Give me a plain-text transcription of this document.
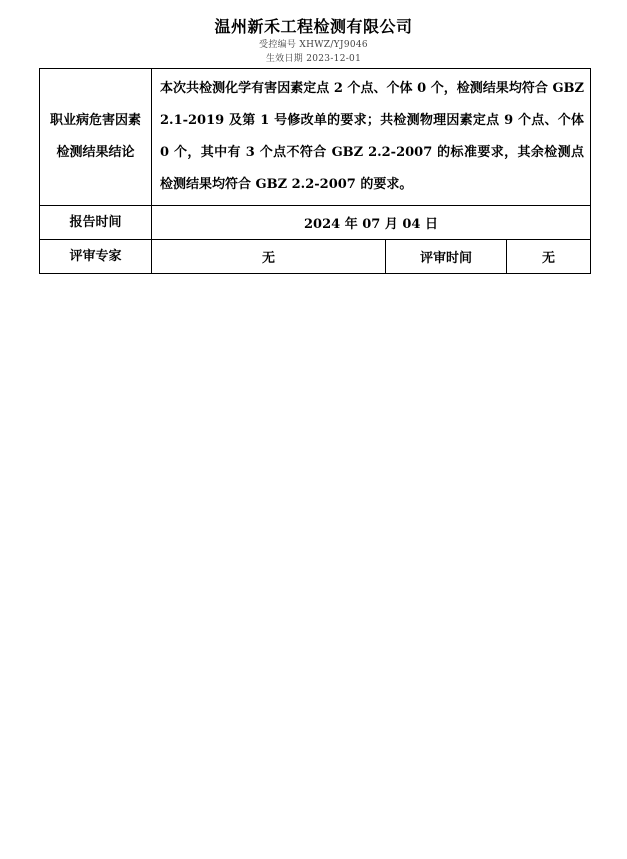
温州新禾工程检测有限公司
受控编号 XHWZ/YJ9046
生效日期 2023-12-01
职业病危害因素检测结果结论	本次共检测化学有害因素定点 2 个点、个体 0 个，检测结果均符合 GBZ 2.1-2019 及第 1 号修改单的要求；共检测物理因素定点 9 个点、个体 0 个，其中有 3 个点不符合 GBZ 2.2-2007 的标准要求，其余检测点检测结果均符合 GBZ 2.2-2007 的要求。		
报告时间	2024 年 07 月 04 日		
评审专家	无	评审时间	无
